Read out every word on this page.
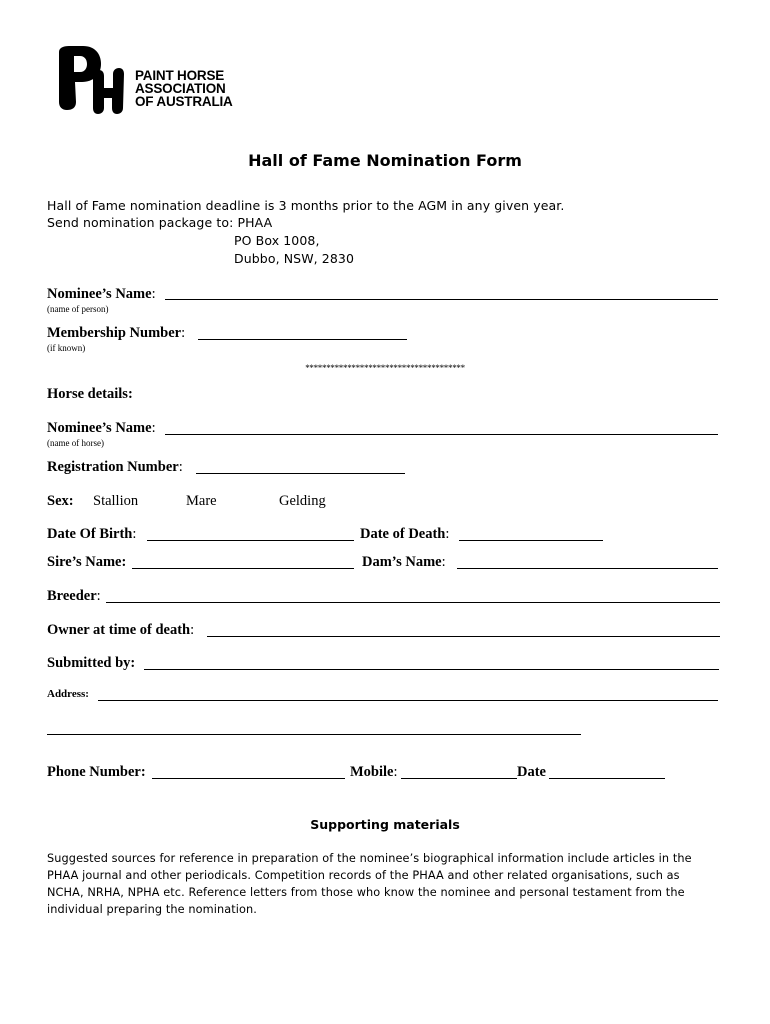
PAINT HORSE
ASSOCIATION
OF AUSTRALIA
Hall of Fame Nomination Form
Hall of Fame nomination deadline is 3 months prior to the AGM in any given year.
Send nomination package to: PHAA
PO Box 1008,
Dubbo, NSW, 2830
Nominee’s Name:
(name of person)
Membership Number:
(if known)
**************************************
Horse details:
Nominee’s Name:
(name of horse)
Registration Number:
Sex: Stallion	Mare	Gelding
Date Of Birth:	Date of Death:
Sire’s Name:	Dam’s Name:
Breeder:
Owner at time of death:
Submitted by:
Address:
Phone Number:	Mobile:	Date
Supporting materials
Suggested sources for reference in preparation of the nominee’s biographical information include articles in the
PHAA journal and other periodicals. Competition records of the PHAA and other related organisations, such as
NCHA, NRHA, NPHA etc. Reference letters from those who know the nominee and personal testament from the
individual preparing the nomination.
